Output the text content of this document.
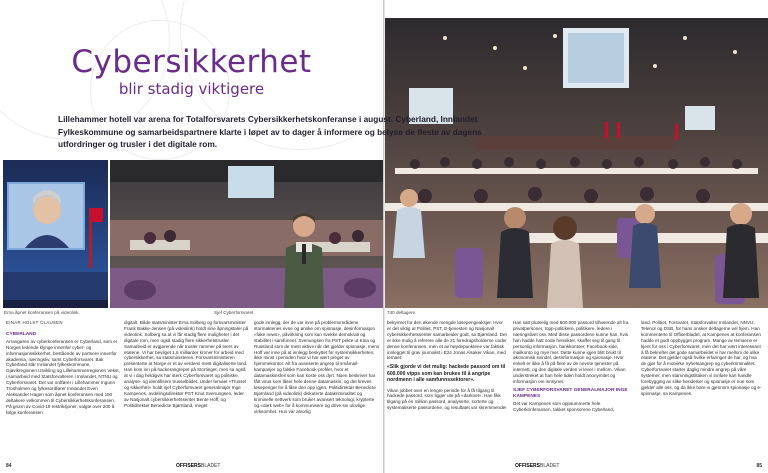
Cybersikkerhet
blir stadig viktigere
Erna åpnet konferansen på videolink.	Sjef Cyberforsvaret
EINAR HOLST CLAUSEN
CYBERLAND
Arrangøren av cyberkonferansen er Cyberland, som er Norges ledende klynge innenfor cyber- og informasjonssikkerhet, bestående av partnere innenfor akademia, næringsliv, samt Cyberforsvaret. Bak Cyberland står Innlandet fylkeskommune, Gjøvikregionen Utvikling og Lillehammerregionen Vekst, i samarbeid med Statsforvalteren i Innlandet, NTNU og Cyberforsvaret. Det var ordfører i Lillehammer Ingunn Trosholmen og fylkesordfører Innlandet Even Aleksander Hagen som åpnet konferansen med 150 deltakere velkommen til Cybersikkerhetskonferansen. På grunn av Covid-19 restriksjoner, valgte over 200 å følge konferansen
digitalt. Både statsminister Erna Solberg og forsvarsminister Frank Bakke-Jensen (på videolink) holdt sine åpningstaler på videolink. Solberg sa at vi får stadig flere muligheter i det digitale rom, men også stadig flere sikkerhetstrusler. Samarbeid er avgjørende når trusler rammer på tvers av etatene. Vi har bevilget 1,6 milliarder kroner for arbeid med cybersikkerhet, sa statsministeren. Forsvarsministeren presenterte at Norge er et av verdens mest digitaliserte land. Han kom inn på hackerangrepet på Stortinget, men sa også at vi i dag heldigvis har sterk Cyberforsvaret og politiske, analyse- og identifisere trusselbildet. Under temaet «Trussel og sikkerhet» holdt sjef Cyberforsvaret generalmajor Inge Kampenes, avdelingsdirektør PST Knut Svenungsen, leder av Nasjonalt cybersikkerhetssenter Bente Hoff, og Politidirektør Benedicte Bjørnland, meget
gode innlegg, der de var inne på problemområdene stormaktenes evne og ønske om spionasje, desinformasjon «fake news», påvirkning som kan svekke demokrati og stabilitet i samfunnet. Svenungsen fra PST pekte ut Kina og Russland som de mest aktive når det gjelder spionasje, mens Hoff var inne på at innlegg beskyttet for systemsikkerheten, ikke minst i perioden hvor vi har vært preget av hjemmekontor. Alt fra avanserte angrep til småmail-kampanjer og falske Facebook-profiler, hvor et datamaskinsfeil som kan koste oss dyrt. Noen beskriver har fått virus som låser hele denne datamaskin, og det kreves løsepenger for å låse den opp igjen. Politidirektør Benedicte Bjørnland (på videolink) diskuterte datakriminalitet og kriminelle nettverk som bruker avansert teknologi, krypterte og «dark web» for å kommunisere og drive sin ulovlige virksomhet. Hun var alvorlig
84	OFFISERSBLADET
740 deltagere.
bekymret for den økende mengde løsepengeaksjer. Hvor er det viktig at Politiet, PST, E-tjenesten og Nasjonalt cybersikkerhetssenter samarbeider godt, sa Bjørnland. Det er ikke mulig å referere alle de 21 foredragsholderne under denne konferansen, men et av høydepunktene var faktisk innlegget til grav journalist i E24 Jonas Alsaker Vikan, med temaet:
«Slik gjorde vi det mulig: hackede passord om til 600.000 vipps som kan brukes til å angripe nordmenn i alle samfunnssektorer».
Vikan jobbet over en lengre periode for å få tilgang til hackede passord, som ligger ute på «darknet». Han fikk tilgang på én million passord, analyserte, sorterte og systematiserte passordene, og resultatet var skremmende!
Han satt plutselig med 600.000 passord tilhørende alt fra privatpersoner, topp-politikere, politikere, ledere i næringslivet osv. Med disse passordene kunne han, hvis han hadde hatt onde hensikter, skaffet seg til gang til personlig informasjon, bankkontoer, Facebook-side, mailkonto og mye mer. Dette kunne igjen blitt brukt til økonomisk svindel, desinformasjon og spionasje. Hvor enkelt er ikke å få på flere av de nevnte tjenester på internett, og den digitale verden vi lever i mellom. Vikan understreket at han hele tiden holdt anonymitet og informasjon om innsynet.
SJEF CYBERFORSVARET GENERALMAJOR INGE KAMPENES
Det var Kampenes som oppsummerte hele Cyberkonferansen, takket sponsorene Cyberland,
land, Politiet, Forsvaret, Statsforvalter Innlandet, NNVU, Telenor og DSB, for hans onsker deltagerne vel hjem. Han kommenterte til Offiserbladet, at Kampenes at konferansen hadde et godt oppbygget program. Mange av temaene er kjent for oss i Cyberforsvaret, men det har vært interessant å få bekreftet det gode samarbeidet vi har mellom de ulike etatene. Det gjelder også hvilke erfaringer de har, og hva de gjør for å motvirke nyhetsangrep og cyberkriminalitet. Cyberforsvaret starter daglig mindre angrep på våre systemer, men stamningstiltaken vi innføre kan handle forebygging av slike hendelser og spionasje er noe som gjelder alle oss, og da ikke bare vi gjennom spionasje og e-spionasje, sa Kampenes.
OFFISERSBLADET	85
Lillehammer hotell var arena for Totalforsvarets Cybersikkerhetskonferanse i august. Cyberland, Innlandet Fylkeskommune og samarbeidspartnere klarte i løpet av to dager å informere og belyse de fleste av dagens utfordringer og trusler i det digitale rom.
